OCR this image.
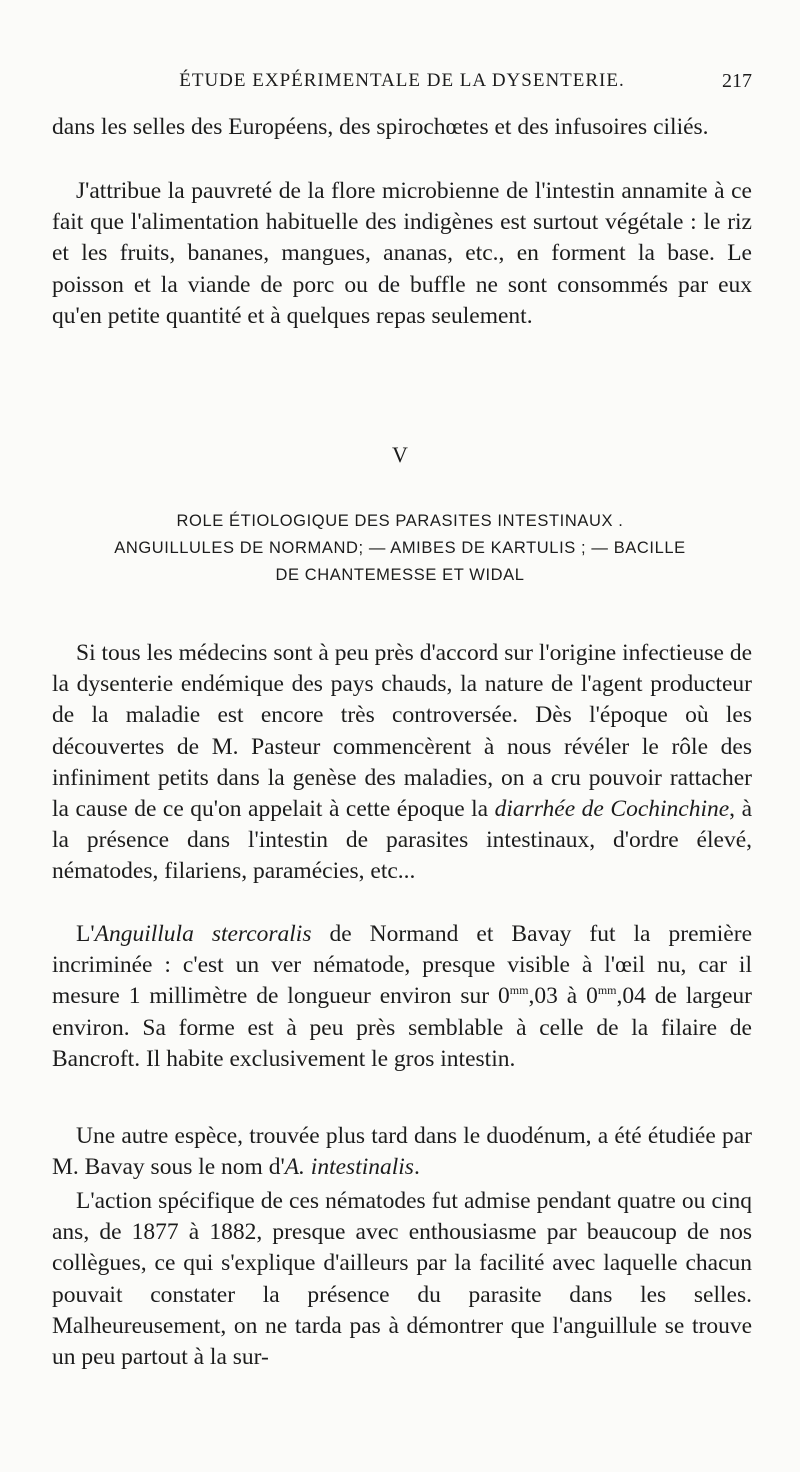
ÉTUDE EXPÉRIMENTALE DE LA DYSENTERIE.	217

dans les selles des Européens, des spirochœtes et des infusoires ciliés.

J'attribue la pauvreté de la flore microbienne de l'intestin annamite à ce fait que l'alimentation habituelle des indigènes est surtout végétale : le riz et les fruits, bananes, mangues, ananas, etc., en forment la base. Le poisson et la viande de porc ou de buffle ne sont consommés par eux qu'en petite quantité et à quelques repas seulement.

V
ROLE ÉTIOLOGIQUE DES PARASITES INTESTINAUX .
ANGUILLULES DE NORMAND; — AMIBES DE KARTULIS ; — BACILLE
DE CHANTEMESSE ET WIDAL

Si tous les médecins sont à peu près d'accord sur l'origine infectieuse de la dysenterie endémique des pays chauds, la nature de l'agent producteur de la maladie est encore très controversée. Dès l'époque où les découvertes de M. Pasteur commencèrent à nous révéler le rôle des infiniment petits dans la genèse des maladies, on a cru pouvoir rattacher la cause de ce qu'on appelait à cette époque la diarrhée de Cochinchine, à la présence dans l'intestin de parasites intestinaux, d'ordre élevé, nématodes, filariens, paramécies, etc...

L'Anguillula stercoralis de Normand et Bavay fut la première incriminée : c'est un ver nématode, presque visible à l'œil nu, car il mesure 1 millimètre de longueur environ sur $0^{mm},03$ à $0^{mm},04$ de largeur environ. Sa forme est à peu près semblable à celle de la filaire de Bancroft. Il habite exclusivement le gros intestin.

Une autre espèce, trouvée plus tard dans le duodénum, a été étudiée par M. Bavay sous le nom d'A. intestinalis.

L'action spécifique de ces nématodes fut admise pendant quatre ou cinq ans, de 1877 à 1882, presque avec enthousiasme par beaucoup de nos collègues, ce qui s'explique d'ailleurs par la facilité avec laquelle chacun pouvait constater la présence du parasite dans les selles. Malheureusement, on ne tarda pas à démontrer que l'anguillule se trouve un peu partout à la sur-
